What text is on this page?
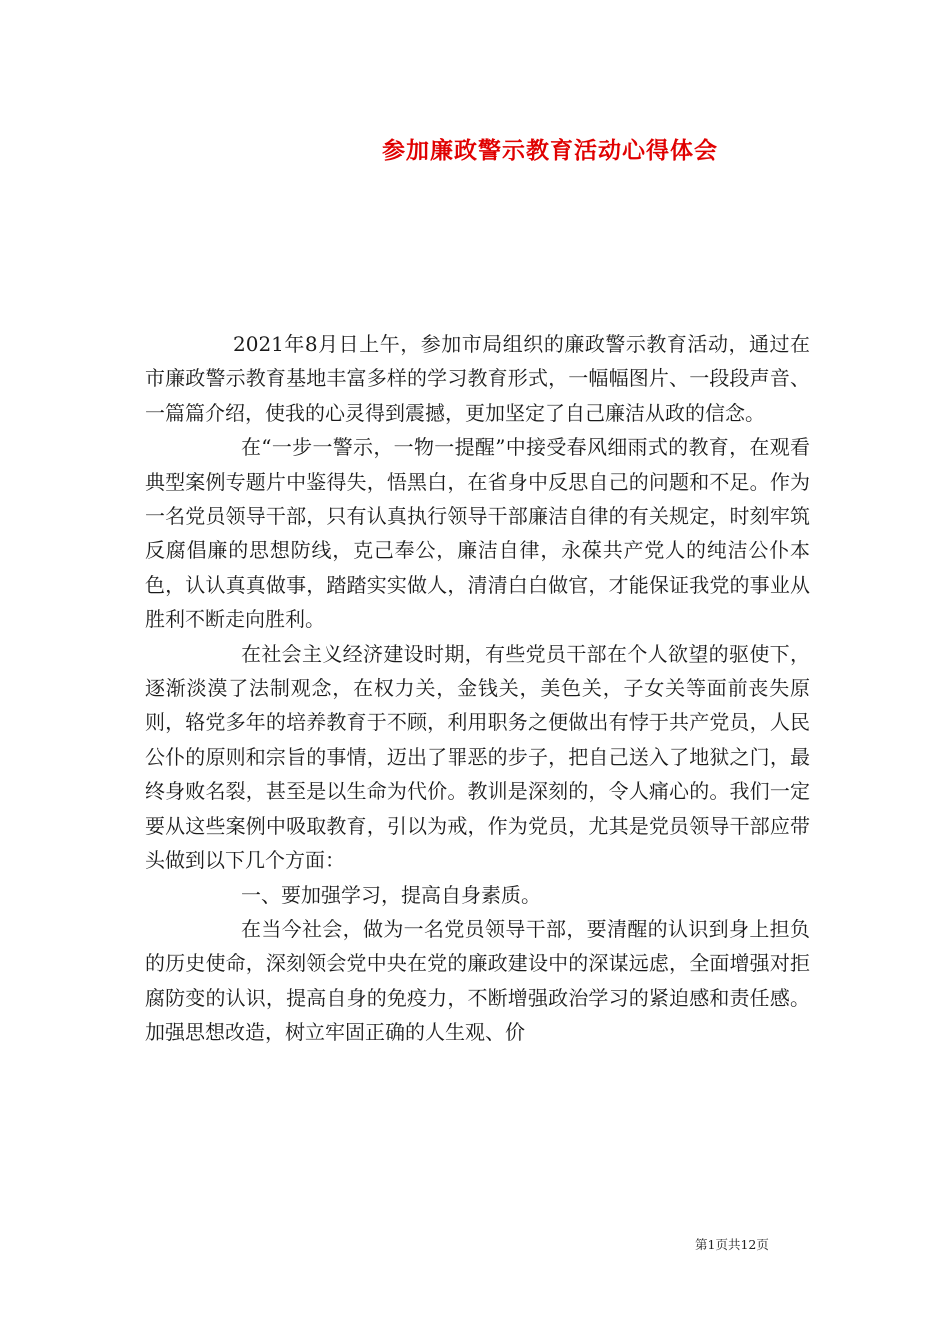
参加廉政警示教育活动心得体会

2021年8月日上午，参加市局组织的廉政警示教育活动，通过在市廉政警示教育基地丰富多样的学习教育形式，一幅幅图片、一段段声音、一篇篇介绍，使我的心灵得到震撼，更加坚定了自己廉洁从政的信念。

在“一步一警示，一物一提醒”中接受春风细雨式的教育，在观看典型案例专题片中鉴得失，悟黑白，在省身中反思自己的问题和不足。作为一名党员领导干部，只有认真执行领导干部廉洁自律的有关规定，时刻牢筑反腐倡廉的思想防线，克己奉公，廉洁自律，永葆共产党人的纯洁公仆本色，认认真真做事，踏踏实实做人，清清白白做官，才能保证我党的事业从胜利不断走向胜利。

在社会主义经济建设时期，有些党员干部在个人欲望的驱使下，逐渐淡漠了法制观念，在权力关，金钱关，美色关，子女关等面前丧失原则，辂党多年的培养教育于不顾，利用职务之便做出有悖于共产党员，人民公仆的原则和宗旨的事情，迈出了罪恶的步子，把自己送入了地狱之门，最终身败名裂，甚至是以生命为代价。教训是深刻的，令人痛心的。我们一定要从这些案例中吸取教育，引以为戒，作为党员，尤其是党员领导干部应带头做到以下几个方面：

一、要加强学习，提高自身素质。

在当今社会，做为一名党员领导干部，要清醒的认识到身上担负的历史使命，深刻领会党中央在党的廉政建设中的深谋远虑，全面增强对拒腐防变的认识，提高自身的免疫力，不断增强政治学习的紧迫感和责任感。加强思想改造，树立牢固正确的人生观、价

第1页共12页
